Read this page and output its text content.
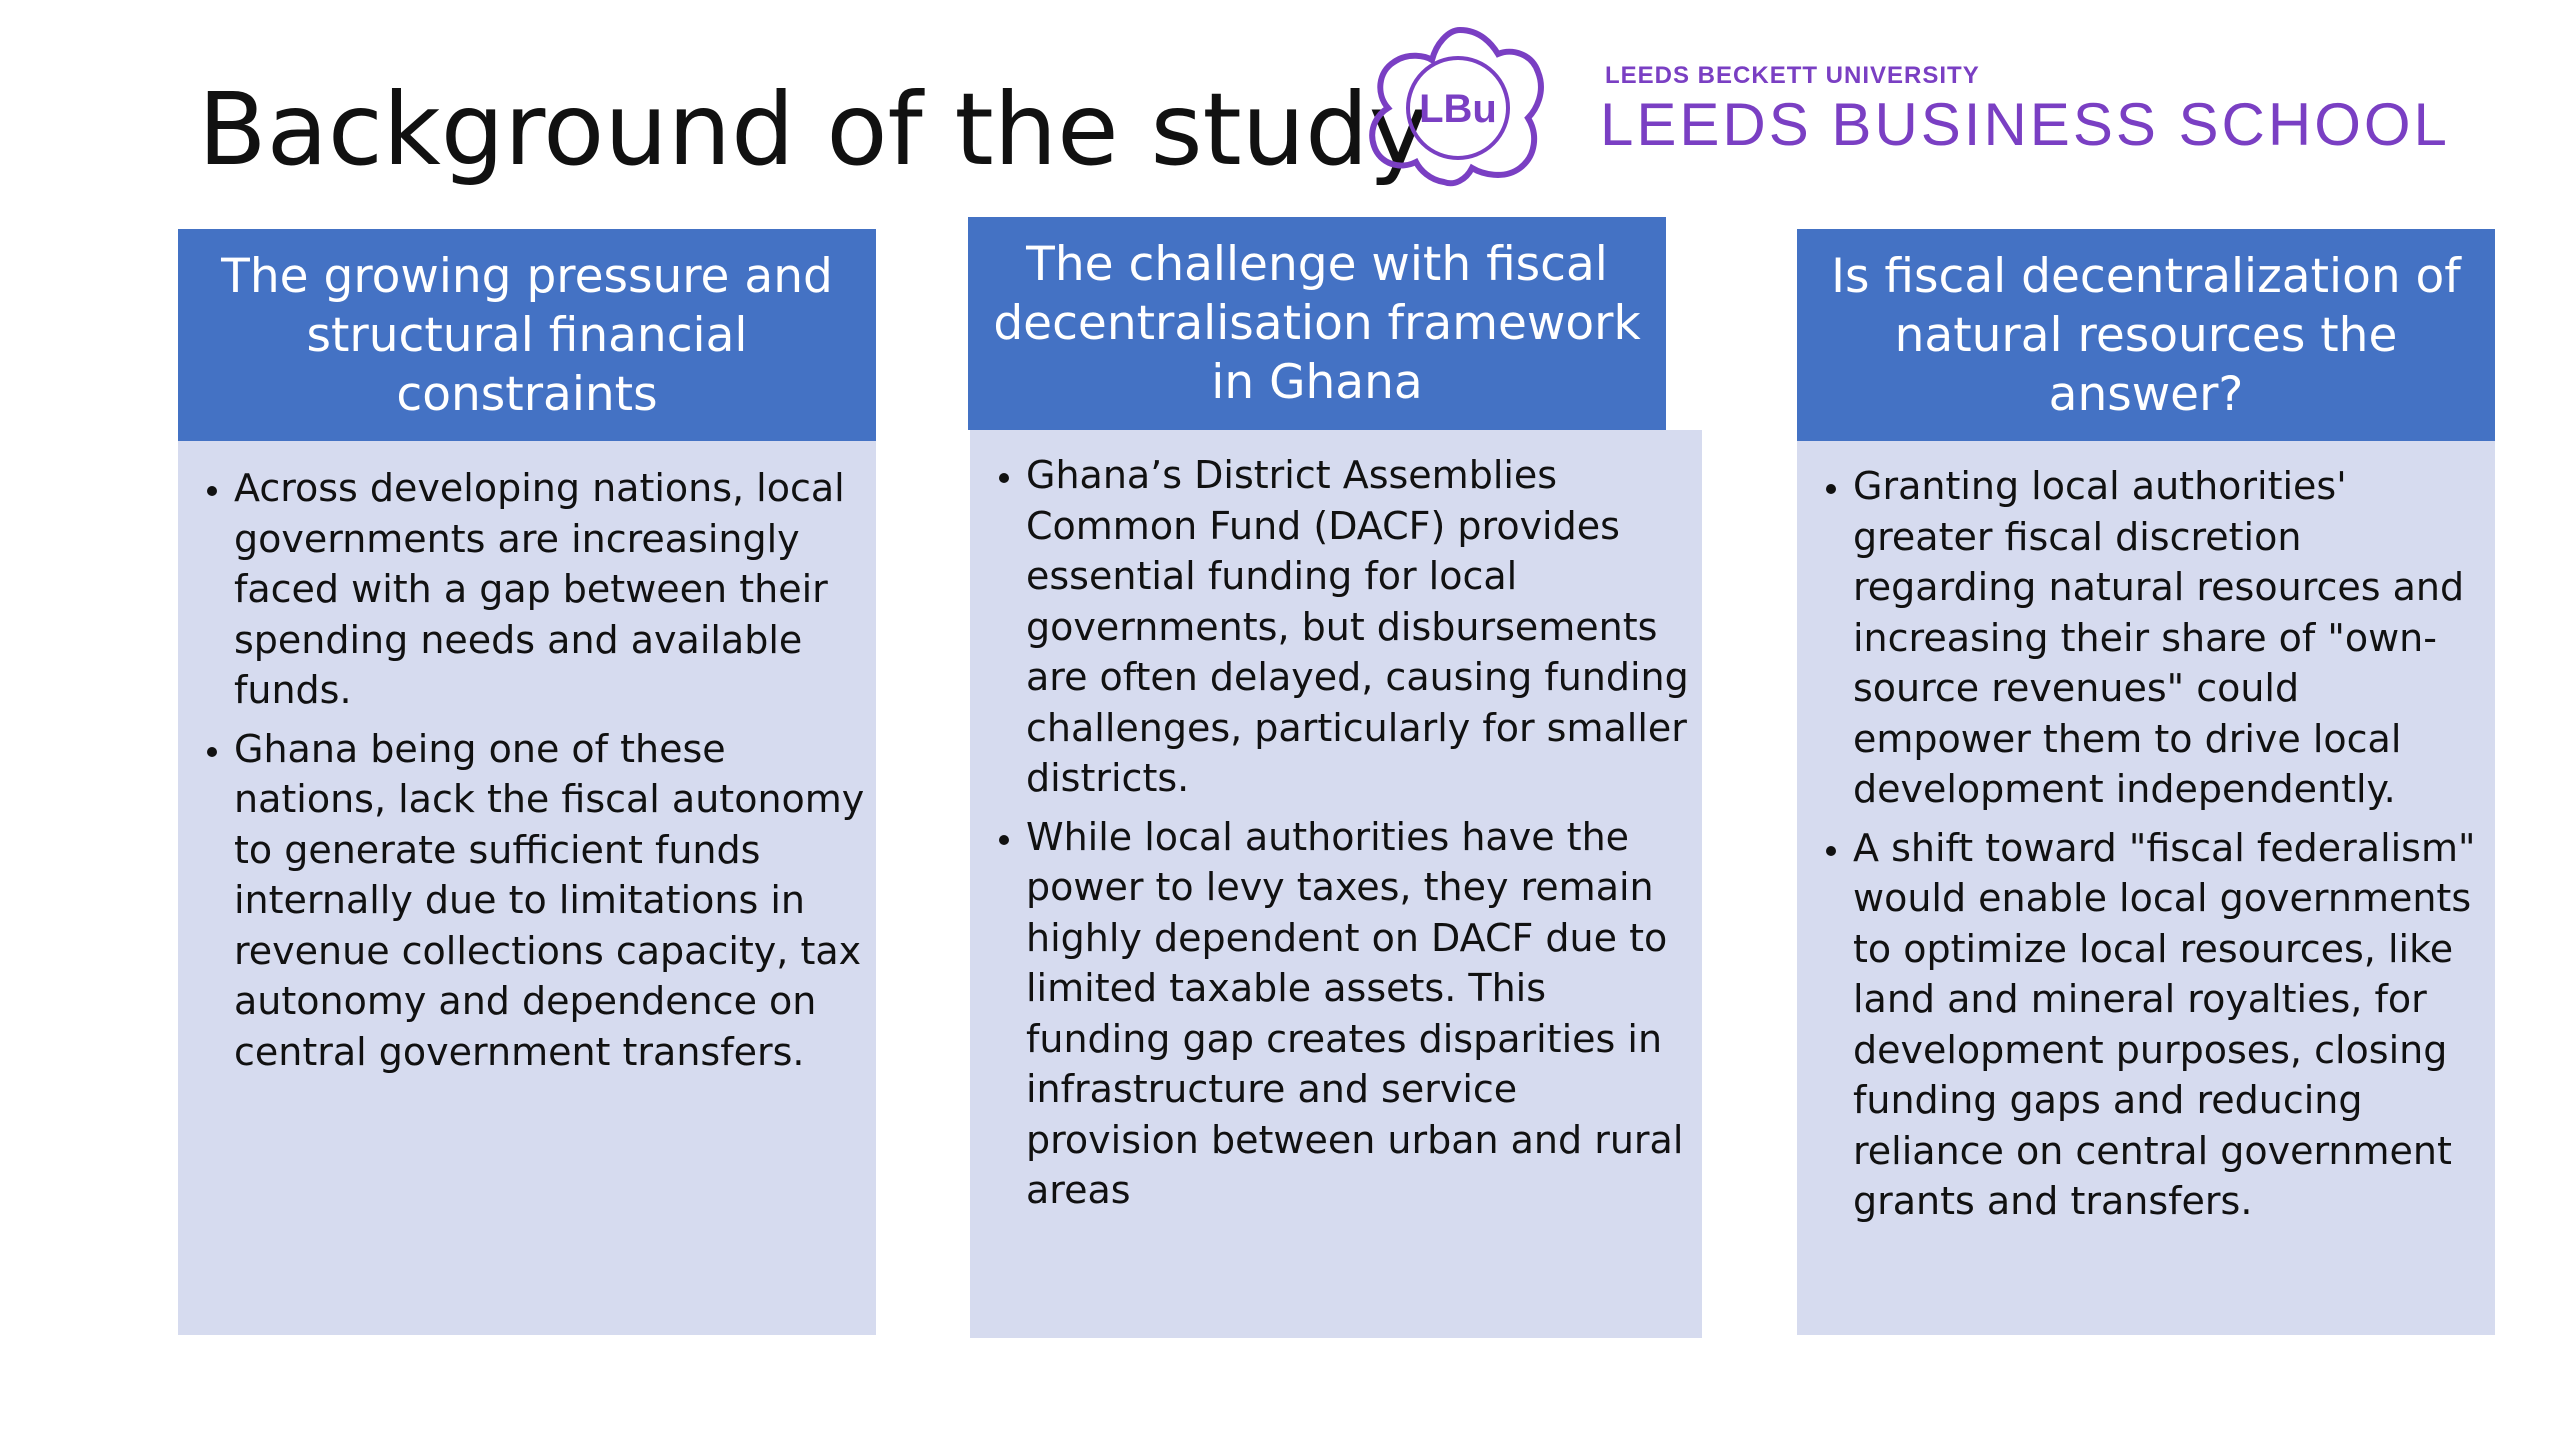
Background of the study
LBu
LEEDS BECKETT UNIVERSITY
LEEDS BUSINESS SCHOOL
The growing pressure and structural financial constraints
• Across developing nations, local governments are increasingly faced with a gap between their spending needs and available funds.
• Ghana being one of these nations, lack the fiscal autonomy to generate sufficient funds internally due to limitations in revenue collections capacity, tax autonomy and dependence on central government transfers.
The challenge with fiscal decentralisation framework in Ghana
• Ghana’s District Assemblies Common Fund (DACF) provides essential funding for local governments, but disbursements are often delayed, causing funding challenges, particularly for smaller districts.
• While local authorities have the power to levy taxes, they remain highly dependent on DACF due to limited taxable assets. This funding gap creates disparities in infrastructure and service provision between urban and rural areas
Is fiscal decentralization of natural resources the answer?
• Granting local authorities' greater fiscal discretion regarding natural resources and increasing their share of "own-source revenues" could empower them to drive local development independently.
• A shift toward "fiscal federalism" would enable local governments to optimize local resources, like land and mineral royalties, for development purposes, closing funding gaps and reducing reliance on central government grants and transfers.
